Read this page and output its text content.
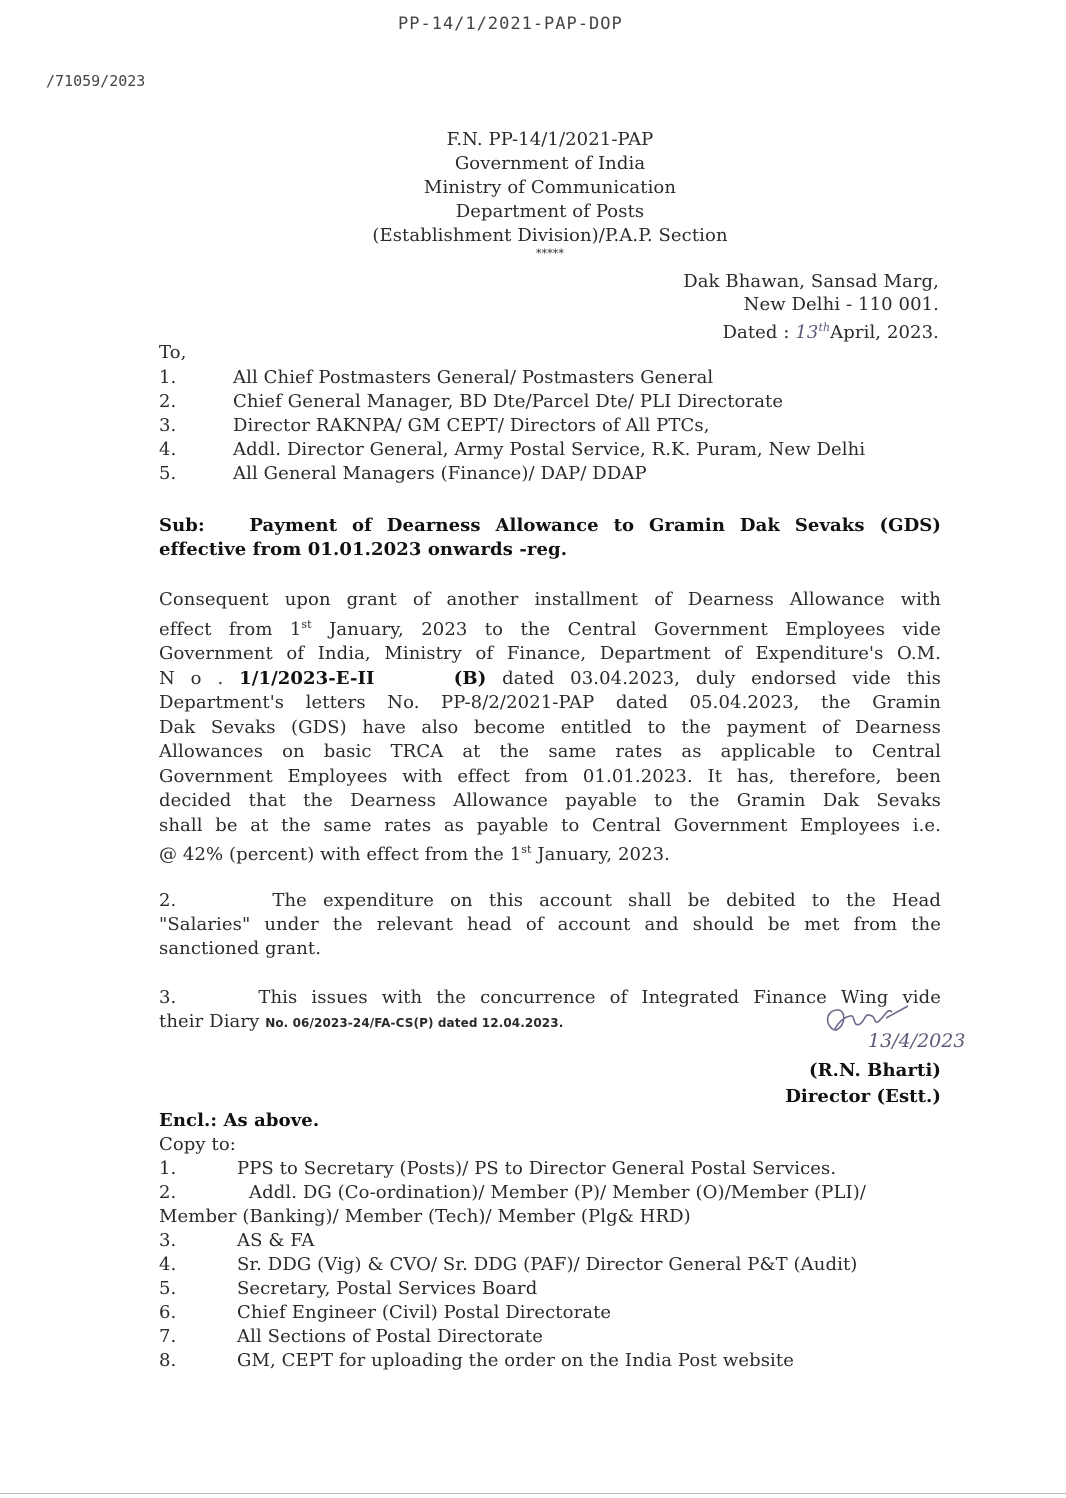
PP-14/1/2021-PAP-DOP
/71059/2023
F.N. PP-14/1/2021-PAP
Government of India
Ministry of Communication
Department of Posts
(Establishment Division)/P.A.P. Section
*****
Dak Bhawan, Sansad Marg,
New Delhi - 110 001.
Dated : 13thApril, 2023.
To,
1.	All Chief Postmasters General/ Postmasters General
2.	Chief General Manager, BD Dte/Parcel Dte/ PLI Directorate
3.	Director RAKNPA/ GM CEPT/ Directors of All PTCs,
4.	Addl. Director General, Army Postal Service, R.K. Puram, New Delhi
5.	All General Managers (Finance)/ DAP/ DDAP
Sub: Payment of Dearness Allowance to Gramin Dak Sevaks (GDS)
effective from 01.01.2023 onwards -reg.
Consequent upon grant of another installment of Dearness Allowance with
effect from 1st January, 2023 to the Central Government Employees vide
Government of India, Ministry of Finance, Department of Expenditure's O.M.
N o . 1/1/2023-E-II	(B) dated 03.04.2023, duly endorsed vide this
Department's letters No. PP-8/2/2021-PAP dated 05.04.2023, the Gramin
Dak Sevaks (GDS) have also become entitled to the payment of Dearness
Allowances on basic TRCA at the same rates as applicable to Central
Government Employees with effect from 01.01.2023. It has, therefore, been
decided that the Dearness Allowance payable to the Gramin Dak Sevaks
shall be at the same rates as payable to Central Government Employees i.e.
@ 42% (percent) with effect from the 1st January, 2023.
2.	The expenditure on this account shall be debited to the Head
"Salaries" under the relevant head of account and should be met from the
sanctioned grant.
3.	This issues with the concurrence of Integrated Finance Wing vide
their Diary No. 06/2023-24/FA-CS(P) dated 12.04.2023.
13/4/2023
(R.N. Bharti)
Director (Estt.)
Encl.: As above.
Copy to:
1.	PPS to Secretary (Posts)/ PS to Director General Postal Services.
2.	Addl. DG (Co-ordination)/ Member (P)/ Member (O)/Member (PLI)/
Member (Banking)/ Member (Tech)/ Member (Plg& HRD)
3.	AS & FA
4.	Sr. DDG (Vig) & CVO/ Sr. DDG (PAF)/ Director General P&T (Audit)
5.	Secretary, Postal Services Board
6.	Chief Engineer (Civil) Postal Directorate
7.	All Sections of Postal Directorate
8.	GM, CEPT for uploading the order on the India Post website
